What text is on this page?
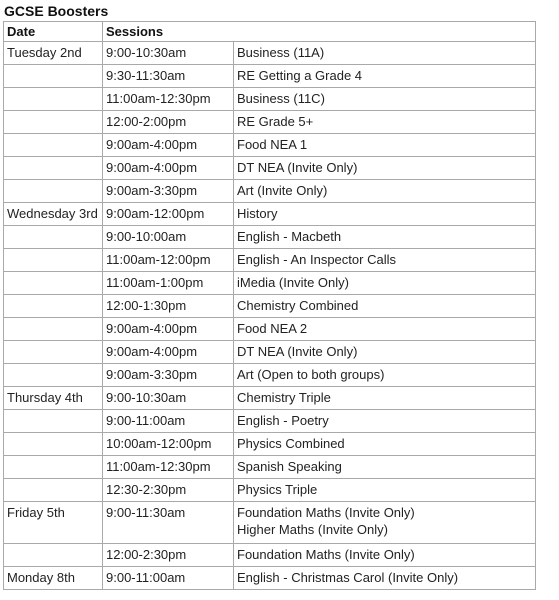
GCSE Boosters
Date	Sessions	
Tuesday 2nd	9:00-10:30am	Business (11A)
	9:30-11:30am	RE Getting a Grade 4
	11:00am-12:30pm	Business (11C)
	12:00-2:00pm	RE Grade 5+
	9:00am-4:00pm	Food NEA 1
	9:00am-4:00pm	DT NEA (Invite Only)
	9:00am-3:30pm	Art (Invite Only)
Wednesday 3rd	9:00am-12:00pm	History
	9:00-10:00am	English - Macbeth
	11:00am-12:00pm	English - An Inspector Calls
	11:00am-1:00pm	iMedia (Invite Only)
	12:00-1:30pm	Chemistry Combined
	9:00am-4:00pm	Food NEA 2
	9:00am-4:00pm	DT NEA (Invite Only)
	9:00am-3:30pm	Art (Open to both groups)
Thursday 4th	9:00-10:30am	Chemistry Triple
	9:00-11:00am	English - Poetry
	10:00am-12:00pm	Physics Combined
	11:00am-12:30pm	Spanish Speaking
	12:30-2:30pm	Physics Triple
Friday 5th	9:00-11:30am	Foundation Maths (Invite Only)
Higher Maths (Invite Only)

	12:00-2:30pm	Foundation Maths (Invite Only)
Monday 8th	9:00-11:00am	English - Christmas Carol (Invite Only)
